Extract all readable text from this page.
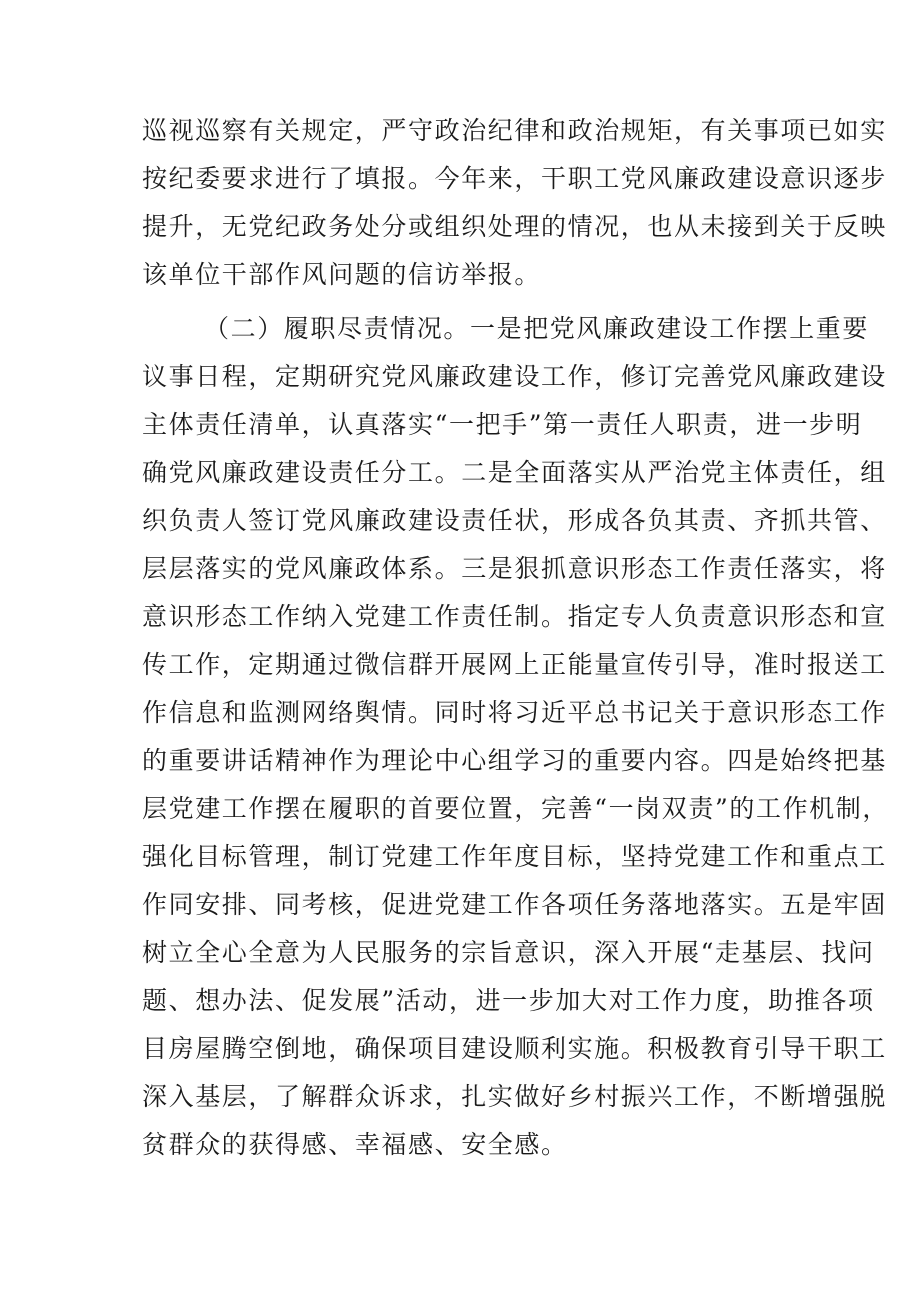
巡视巡察有关规定，严守政治纪律和政治规矩，有关事项已如实
按纪委要求进行了填报。今年来，干职工党风廉政建设意识逐步
提升，无党纪政务处分或组织处理的情况，也从未接到关于反映
该单位干部作风问题的信访举报。
（二）履职尽责情况。一是把党风廉政建设工作摆上重要
议事日程，定期研究党风廉政建设工作，修订完善党风廉政建设
主体责任清单，认真落实“一把手”第一责任人职责，进一步明
确党风廉政建设责任分工。二是全面落实从严治党主体责任，组
织负责人签订党风廉政建设责任状，形成各负其责、齐抓共管、
层层落实的党风廉政体系。三是狠抓意识形态工作责任落实，将
意识形态工作纳入党建工作责任制。指定专人负责意识形态和宣
传工作，定期通过微信群开展网上正能量宣传引导，准时报送工
作信息和监测网络舆情。同时将习近平总书记关于意识形态工作
的重要讲话精神作为理论中心组学习的重要内容。四是始终把基
层党建工作摆在履职的首要位置，完善“一岗双责”的工作机制，
强化目标管理，制订党建工作年度目标，坚持党建工作和重点工
作同安排、同考核，促进党建工作各项任务落地落实。五是牢固
树立全心全意为人民服务的宗旨意识，深入开展“走基层、找问
题、想办法、促发展”活动，进一步加大对工作力度，助推各项
目房屋腾空倒地，确保项目建设顺利实施。积极教育引导干职工
深入基层，了解群众诉求，扎实做好乡村振兴工作，不断增强脱
贫群众的获得感、幸福感、安全感。
